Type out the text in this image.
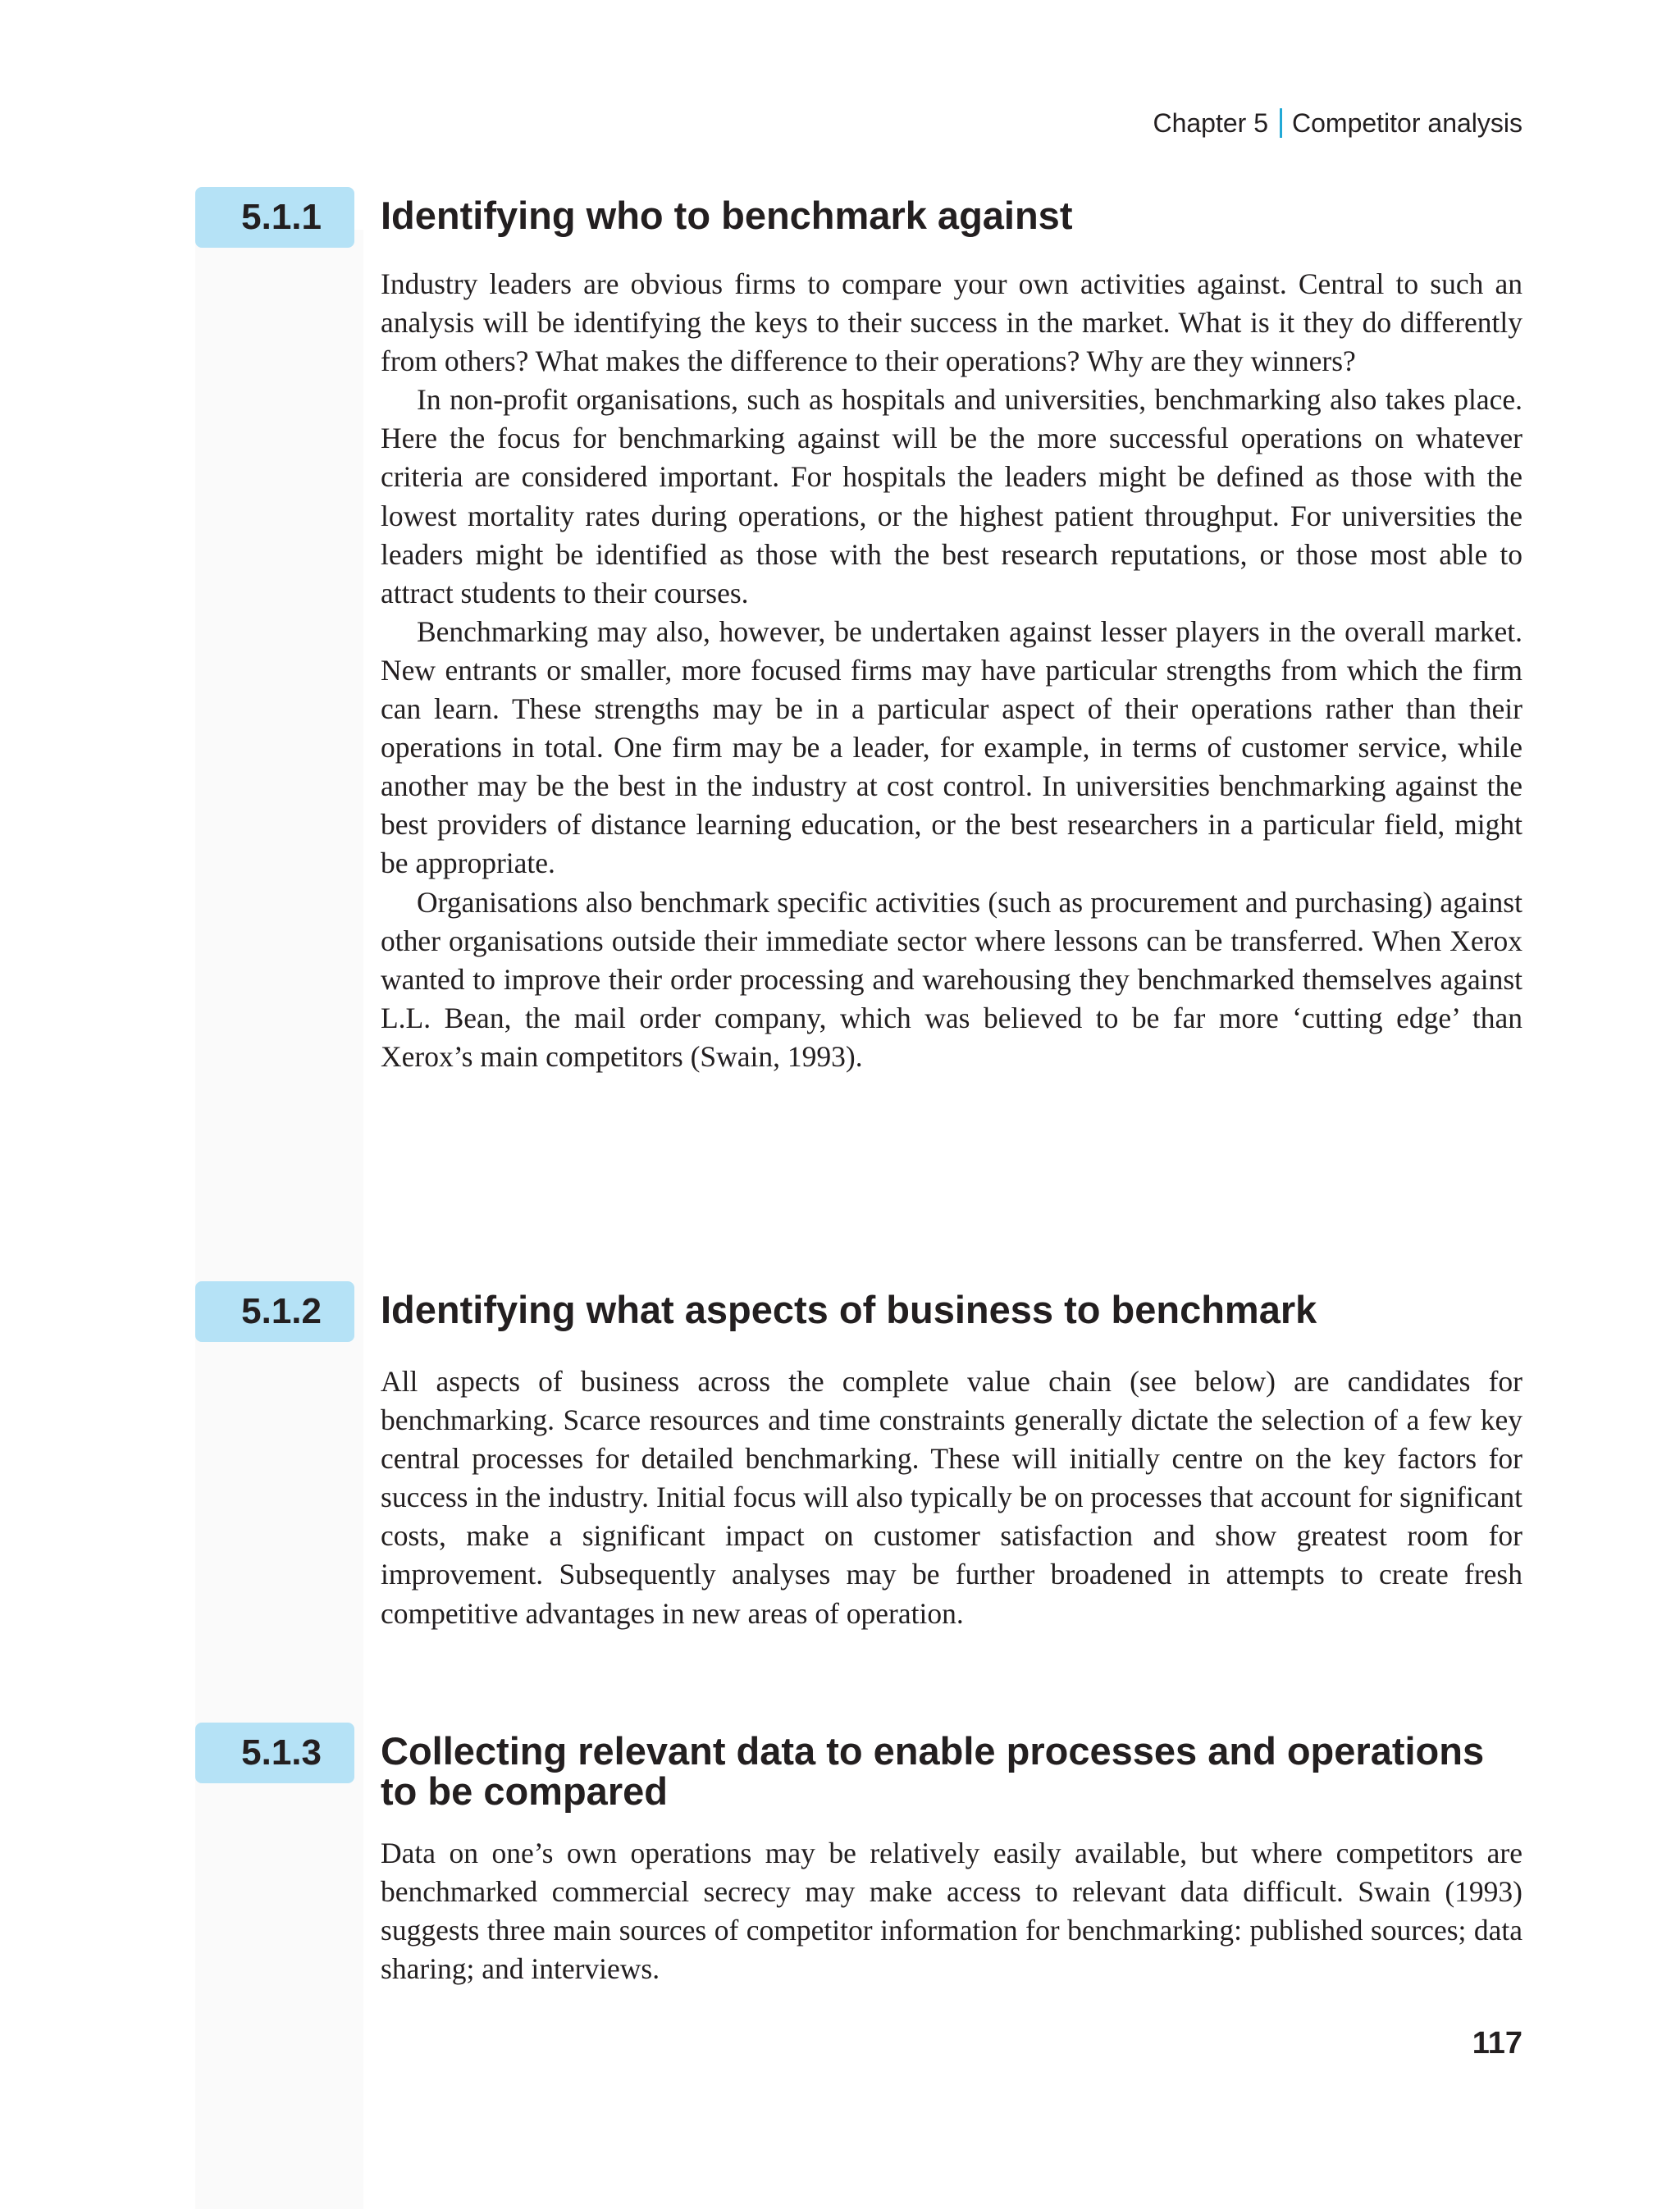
Chapter 5 Competitor analysis
5.1.1	Identifying who to benchmark against

Industry leaders are obvious firms to compare your own activities against. Central to such an analysis will be identifying the keys to their success in the market. What is it they do differently from others? What makes the difference to their operations? Why are they winners?

In non-profit organisations, such as hospitals and universities, benchmarking also takes place. Here the focus for benchmarking against will be the more successful operations on whatever criteria are considered important. For hospitals the leaders might be defined as those with the lowest mortality rates during operations, or the highest patient throughput. For universities the leaders might be identified as those with the best research reputations, or those most able to attract students to their courses.

Benchmarking may also, however, be undertaken against lesser players in the overall market. New entrants or smaller, more focused firms may have particular strengths from which the firm can learn. These strengths may be in a particular aspect of their operations rather than their operations in total. One firm may be a leader, for example, in terms of customer service, while another may be the best in the industry at cost control. In universities benchmarking against the best providers of distance learning education, or the best researchers in a particular field, might be appropriate.

Organisations also benchmark specific activities (such as procurement and purchasing) against other organisations outside their immediate sector where lessons can be transferred. When Xerox wanted to improve their order processing and warehousing they benchmarked themselves against L.L. Bean, the mail order company, which was believed to be far more ‘cutting edge’ than Xerox’s main competitors (Swain, 1993).

5.1.2	Identifying what aspects of business to benchmark

All aspects of business across the complete value chain (see below) are candidates for benchmarking. Scarce resources and time constraints generally dictate the selection of a few key central processes for detailed benchmarking. These will initially centre on the key factors for success in the industry. Initial focus will also typically be on processes that account for significant costs, make a significant impact on customer satisfaction and show greatest room for improvement. Subsequently analyses may be further broadened in attempts to create fresh competitive advantages in new areas of operation.

5.1.3	Collecting relevant data to enable processes and operations to be compared

Data on one’s own operations may be relatively easily available, but where competitors are benchmarked commercial secrecy may make access to relevant data difficult. Swain (1993) suggests three main sources of competitor information for benchmarking: published sources; data sharing; and interviews.

117
